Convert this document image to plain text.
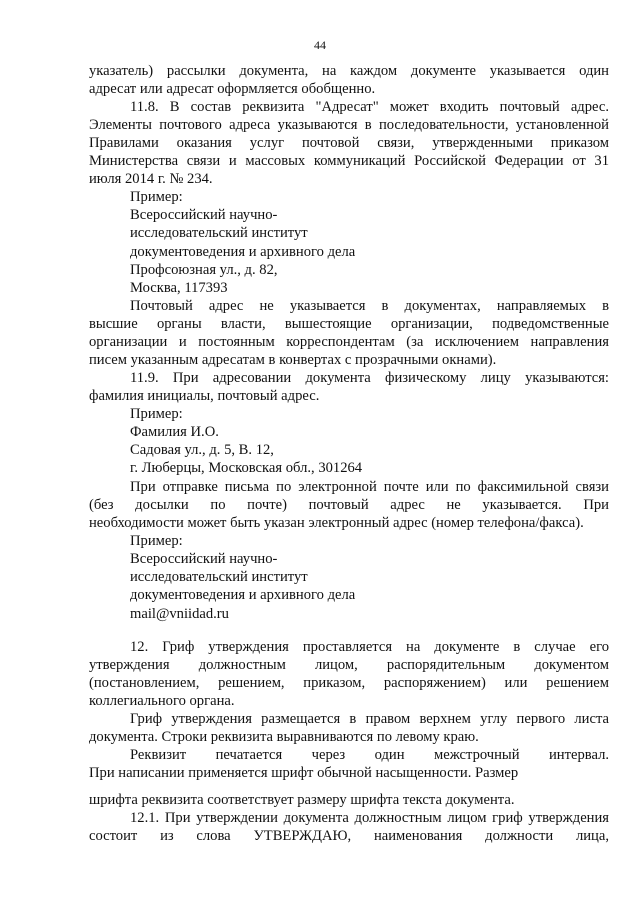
44
указатель) рассылки документа, на каждом документе указывается один
адресат или адресат оформляется обобщенно.
11.8. В состав реквизита "Адресат" может входить почтовый адрес.
Элементы почтового адреса указываются в последовательности, установленной
Правилами оказания услуг почтовой связи, утвержденными приказом
Министерства связи и массовых коммуникаций Российской Федерации от 31
июля 2014 г. № 234.
Пример:
Всероссийский научно-
исследовательский институт
документоведения и архивного дела
Профсоюзная ул., д. 82,
Москва, 117393
Почтовый адрес не указывается в документах, направляемых в
высшие органы власти, вышестоящие организации, подведомственные
организации и постоянным корреспондентам (за исключением направления
писем указанным адресатам в конвертах с прозрачными окнами).
11.9. При адресовании документа физическому лицу указываются:
фамилия инициалы, почтовый адрес.
Пример:
Фамилия И.О.
Садовая ул., д. 5, В. 12,
г. Люберцы, Московская обл., 301264
При отправке письма по электронной почте или по факсимильной связи
(без досылки по почте) почтовый адрес не указывается. При
необходимости может быть указан электронный адрес (номер телефона/факса).
Пример:
Всероссийский научно-
исследовательский институт
документоведения и архивного дела
mail@vniidad.ru
12. Гриф утверждения проставляется на документе в случае его
утверждения должностным лицом, распорядительным документом
(постановлением, решением, приказом, распоряжением) или решением
коллегиального органа.
Гриф утверждения размещается в правом верхнем углу первого листа
документа. Строки реквизита выравниваются по левому краю.
Реквизит печатается через один межстрочный интервал.
При написании применяется шрифт обычной насыщенности. Размер
шрифта реквизита соответствует размеру шрифта текста документа.
12.1. При утверждении документа должностным лицом гриф утверждения
состоит из слова УТВЕРЖДАЮ, наименования должности лица,
